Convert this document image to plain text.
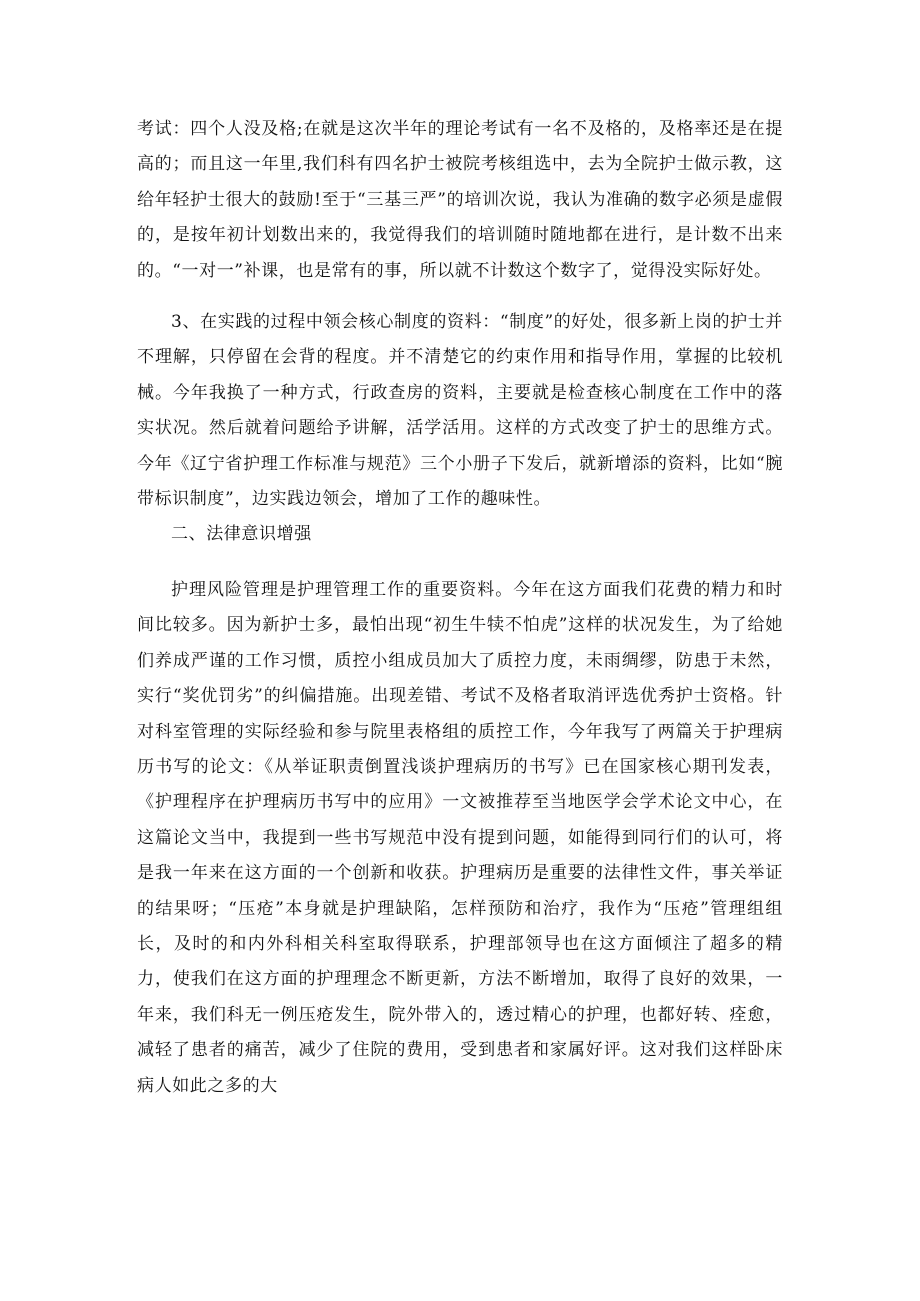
考试：四个人没及格;在就是这次半年的理论考试有一名不及格的，及格率还是在提高的；而且这一年里,我们科有四名护士被院考核组选中，去为全院护士做示教，这给年轻护士很大的鼓励!至于“三基三严”的培训次说，我认为准确的数字必须是虚假的，是按年初计划数出来的，我觉得我们的培训随时随地都在进行，是计数不出来的。“一对一”补课，也是常有的事，所以就不计数这个数字了，觉得没实际好处。

3、在实践的过程中领会核心制度的资料：“制度”的好处，很多新上岗的护士并不理解，只停留在会背的程度。并不清楚它的约束作用和指导作用，掌握的比较机械。今年我换了一种方式，行政查房的资料，主要就是检查核心制度在工作中的落实状况。然后就着问题给予讲解，活学活用。这样的方式改变了护士的思维方式。今年《辽宁省护理工作标准与规范》三个小册子下发后，就新增添的资料，比如“腕带标识制度”，边实践边领会，增加了工作的趣味性。

二、法律意识增强

护理风险管理是护理管理工作的重要资料。今年在这方面我们花费的精力和时间比较多。因为新护士多，最怕出现“初生牛犊不怕虎”这样的状况发生，为了给她们养成严谨的工作习惯，质控小组成员加大了质控力度，未雨绸缪，防患于未然，实行“奖优罚劣”的纠偏措施。出现差错、考试不及格者取消评选优秀护士资格。针对科室管理的实际经验和参与院里表格组的质控工作，今年我写了两篇关于护理病历书写的论文：《从举证职责倒置浅谈护理病历的书写》已在国家核心期刊发表，《护理程序在护理病历书写中的应用》一文被推荐至当地医学会学术论文中心，在这篇论文当中，我提到一些书写规范中没有提到问题，如能得到同行们的认可，将是我一年来在这方面的一个创新和收获。护理病历是重要的法律性文件，事关举证的结果呀；“压疮”本身就是护理缺陷，怎样预防和治疗，我作为“压疮”管理组组长，及时的和内外科相关科室取得联系，护理部领导也在这方面倾注了超多的精力，使我们在这方面的护理理念不断更新，方法不断增加，取得了良好的效果，一年来，我们科无一例压疮发生，院外带入的，透过精心的护理，也都好转、痊愈，减轻了患者的痛苦，减少了住院的费用，受到患者和家属好评。这对我们这样卧床病人如此之多的大
